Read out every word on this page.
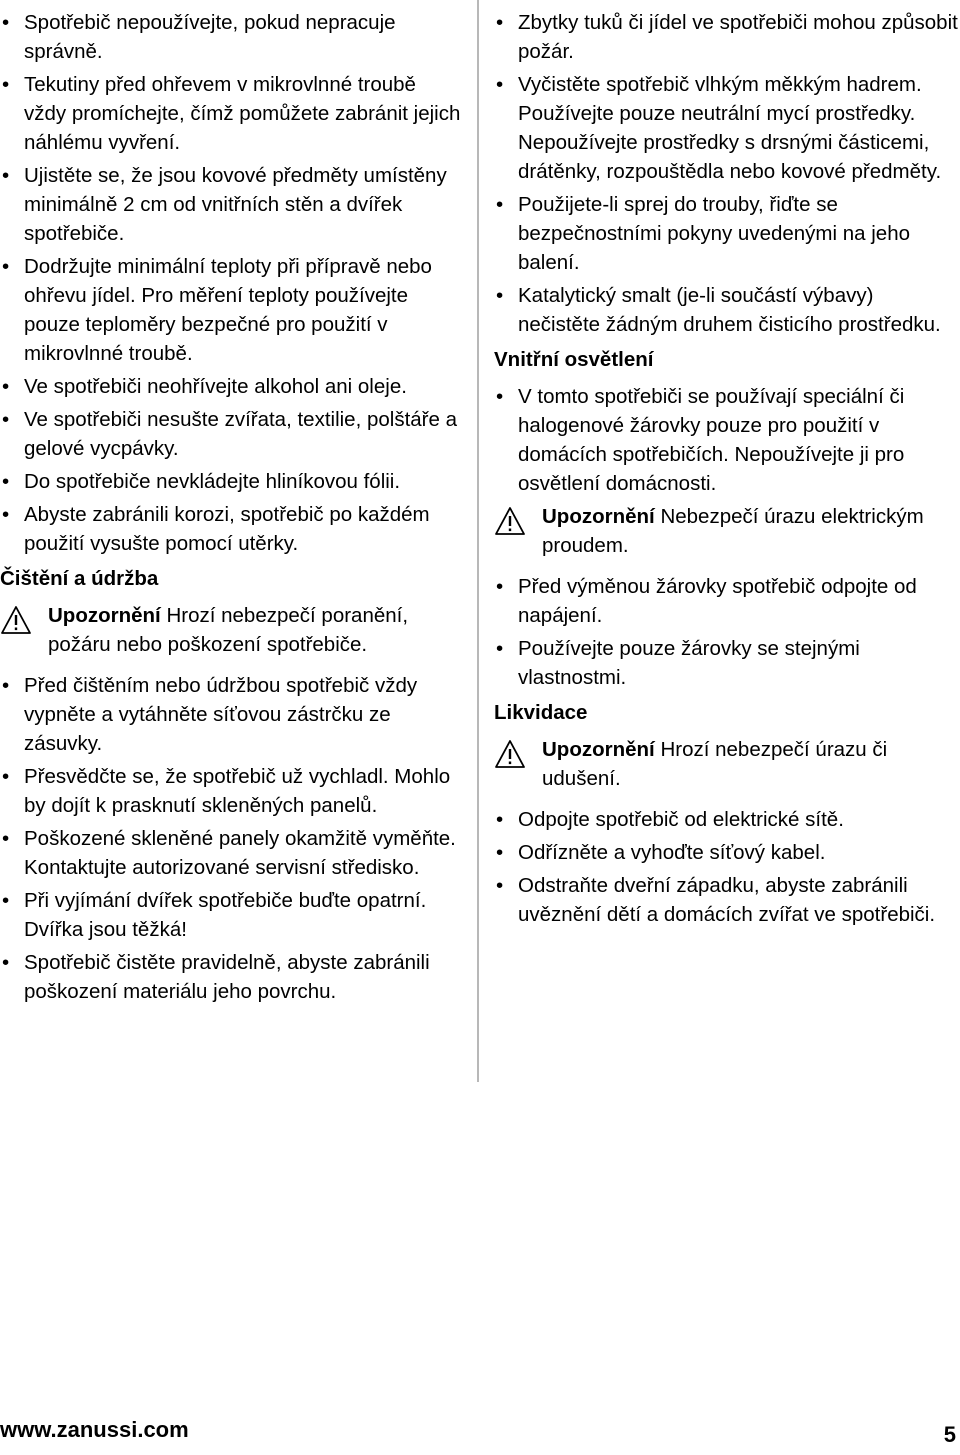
• Spotřebič nepoužívejte, pokud nepracuje správně.
• Tekutiny před ohřevem v mikrovlnné troubě vždy promíchejte, čímž pomůžete zabránit jejich náhlému vyvření.
• Ujistěte se, že jsou kovové předměty umístěny minimálně 2 cm od vnitřních stěn a dvířek spotřebiče.
• Dodržujte minimální teploty při přípravě nebo ohřevu jídel. Pro měření teploty používejte pouze teploměry bezpečné pro použití v mikrovlnné troubě.
• Ve spotřebiči neohřívejte alkohol ani oleje.
• Ve spotřebiči nesušte zvířata, textilie, polštáře a gelové vycpávky.
• Do spotřebiče nevkládejte hliníkovou fólii.
• Abyste zabránili korozi, spotřebič po každém použití vysušte pomocí utěrky.
Čištění a údržba
Upozornění Hrozí nebezpečí poranění, požáru nebo poškození spotřebiče.
• Před čištěním nebo údržbou spotřebič vždy vypněte a vytáhněte síťovou zástrčku ze zásuvky.
• Přesvědčte se, že spotřebič už vychladl. Mohlo by dojít k prasknutí skleněných panelů.
• Poškozené skleněné panely okamžitě vyměňte. Kontaktujte autorizované servisní středisko.
• Při vyjímání dvířek spotřebiče buďte opatrní. Dvířka jsou těžká!
• Spotřebič čistěte pravidelně, abyste zabránili poškození materiálu jeho povrchu.
• Zbytky tuků či jídel ve spotřebiči mohou způsobit požár.
• Vyčistěte spotřebič vlhkým měkkým hadrem. Používejte pouze neutrální mycí prostředky. Nepoužívejte prostředky s drsnými částicemi, drátěnky, rozpouštědla nebo kovové předměty.
• Použijete-li sprej do trouby, řiďte se bezpečnostními pokyny uvedenými na jeho balení.
• Katalytický smalt (je-li součástí výbavy) nečistěte žádným druhem čisticího prostředku.
Vnitřní osvětlení
• V tomto spotřebiči se používají speciální či halogenové žárovky pouze pro použití v domácích spotřebičích. Nepoužívejte ji pro osvětlení domácnosti.
Upozornění Nebezpečí úrazu elektrickým proudem.
• Před výměnou žárovky spotřebič odpojte od napájení.
• Používejte pouze žárovky se stejnými vlastnostmi.
Likvidace
Upozornění Hrozí nebezpečí úrazu či udušení.
• Odpojte spotřebič od elektrické sítě.
• Odřízněte a vyhoďte síťový kabel.
• Odstraňte dveřní západku, abyste zabránili uvěznění dětí a domácích zvířat ve spotřebiči.
www.zanussi.com	5
